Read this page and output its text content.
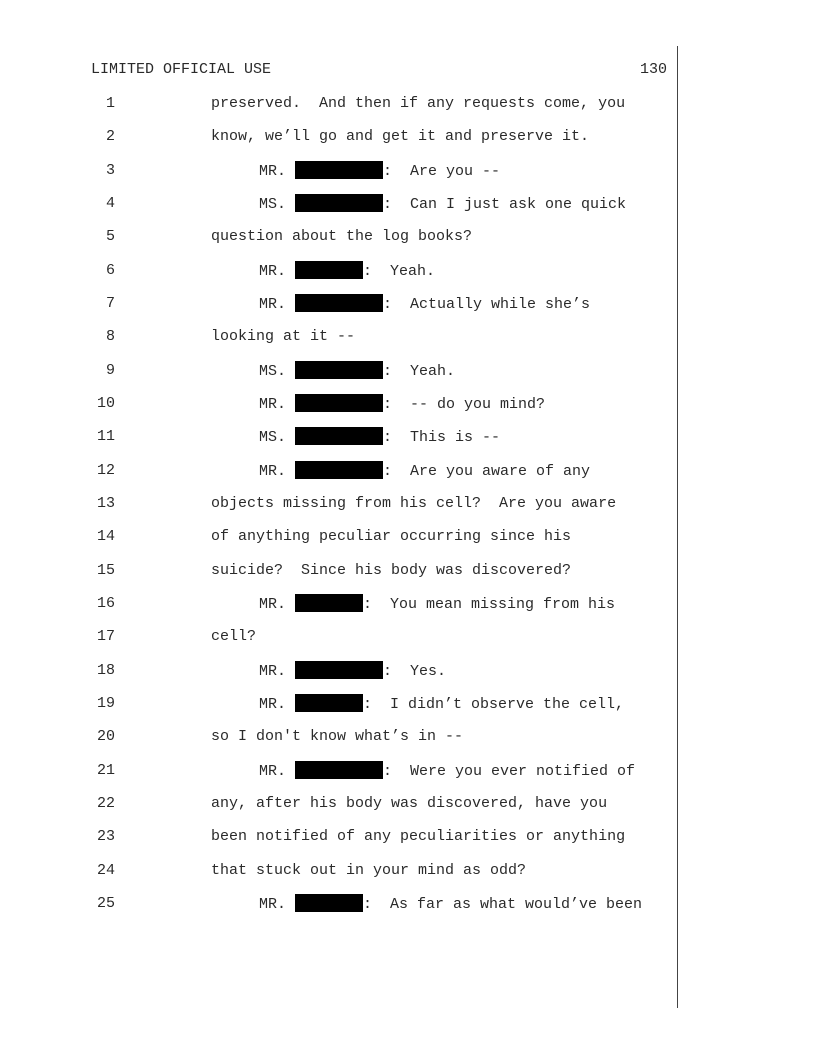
LIMITED OFFICIAL USE	130
1	preserved.  And then if any requests come, you
2	know, we’ll go and get it and preserve it.
3	MR.	:  Are you --
4	MS.	:  Can I just ask one quick
5	question about the log books?
6	MR.	:  Yeah.
7	MR.	:  Actually while she’s
8	looking at it --
9	MS.	:  Yeah.
10	MR.	:  -- do you mind?
11	MS.	:  This is --
12	MR.	:  Are you aware of any
13	objects missing from his cell?  Are you aware
14	of anything peculiar occurring since his
15	suicide?  Since his body was discovered?
16	MR.	:  You mean missing from his
17	cell?
18	MR.	:  Yes.
19	MR.	:  I didn’t observe the cell,
20	so I don't know what’s in --
21	MR.	:  Were you ever notified of
22	any, after his body was discovered, have you
23	been notified of any peculiarities or anything
24	that stuck out in your mind as odd?
25	MR.	:  As far as what would’ve been
